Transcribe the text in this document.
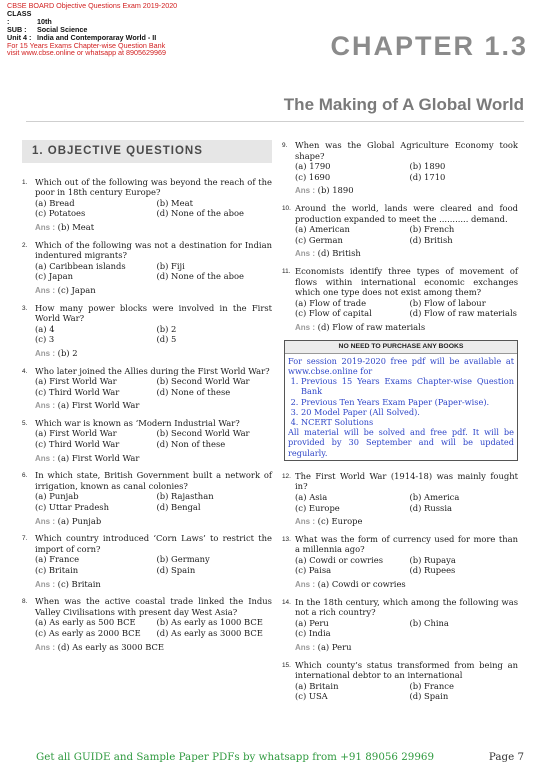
CBSE BOARD Objective Questions Exam 2019-2020
CLASS :	10th
SUB : Social Science
Unit 4 : India and Contemporaray World - II
For 15 Years Exams Chapter-wise Question Bank
visit www.cbse.online or whatsapp at 8905629969	CHAPTER 1.3
The Making of A Global World
1. OBJECTIVE QUESTIONS
1. Which out of the following was beyond the reach of the poor in 18th century Europe?
(a) Bread	(b) Meat
(c) Potatoes	(d) None of the aboe
Ans : (b) Meat
2. Which of the following was not a destination for Indian indentured migrants?
(a) Caribbean islands	(b) Fiji
(c) Japan	(d) None of the aboe
Ans : (c) Japan
3. How many power blocks were involved in the First World War?
(a) 4	(b) 2
(c) 3	(d) 5
Ans : (b) 2
4. Who later joined the Allies during the First World War?
(a) First World War	(b) Second World War
(c) Third World War	(d) None of these
Ans : (a) First World War
5. Which war is known as ‘Modern Industrial War?
(a) First World War	(b) Second World War
(c) Third World War	(d) Non of these
Ans : (a) First World War
6. In which state, British Government built a network of irrigation, known as canal colonies?
(a) Punjab	(b) Rajasthan
(c) Uttar Pradesh	(d) Bengal
Ans : (a) Punjab
7. Which country introduced ‘Corn Laws’ to restrict the import of corn?
(a) France	(b) Germany
(c) Britain	(d) Spain
Ans : (c) Britain
8. When was the active coastal trade linked the Indus Valley Civilisations with present day West Asia?
(a) As early as 500 BCE	(b) As early as 1000 BCE
(c) As early as 2000 BCE	(d) As early as 3000 BCE
Ans : (d) As early as 3000 BCE
9. When was the Global Agriculture Economy took shape?
(a) 1790	(b) 1890
(c) 1690	(d) 1710
Ans : (b) 1890
10. Around the world, lands were cleared and food production expanded to meet the ........... demand.
(a) American	(b) French
(c) German	(d) British
Ans : (d) British
11. Economists identify three types of movement of flows within international economic exchanges which one type does not exist among them?
(a) Flow of trade	(b) Flow of labour
(c) Flow of capital	(d) Flow of raw materials
Ans : (d) Flow of raw materials
NO NEED TO PURCHASE ANY BOOKS
For session 2019-2020 free pdf will be available at www.cbse.online for
1. Previous 15 Years Exams Chapter-wise Question Bank
2. Previous Ten Years Exam Paper (Paper-wise).
3. 20 Model Paper (All Solved).
4. NCERT Solutions
All material will be solved and free pdf. It will be provided by 30 September and will be updated regularly.
12. The First World War (1914-18) was mainly fought in?
(a) Asia	(b) America
(c) Europe	(d) Russia
Ans : (c) Europe
13. What was the form of currency used for more than a millennia ago?
(a) Cowdi or cowries	(b) Rupaya
(c) Paisa	(d) Rupees
Ans : (a) Cowdi or cowries
14. In the 18th century, which among the following was not a rich country?
(a) Peru	(b) China
(c) India
Ans : (a) Peru
15. Which county’s status transformed from being an international debtor to an international
(a) Britain	(b) France
(c) USA	(d) Spain
Get all GUIDE and Sample Paper PDFs by whatsapp from +91 89056 29969	Page 7
